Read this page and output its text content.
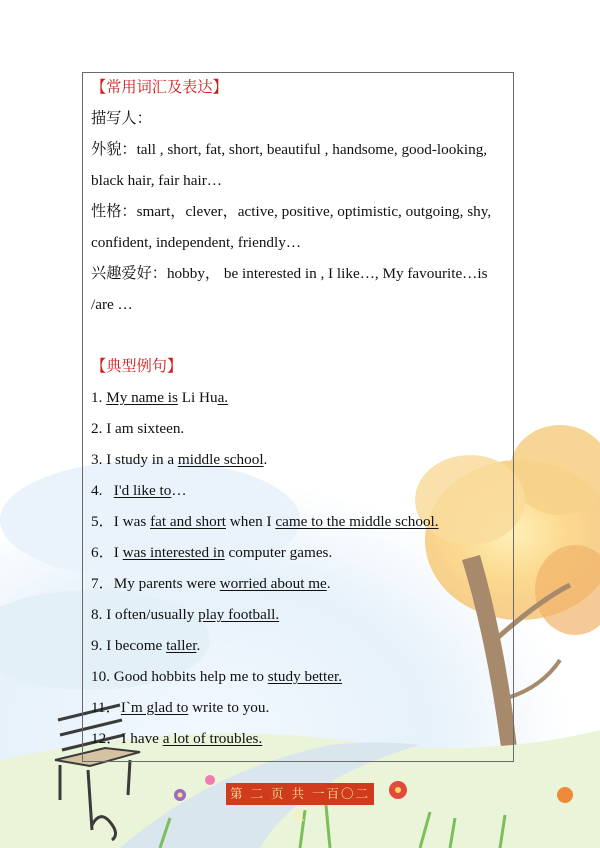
【常用词汇及表达】
描写人：
外貌：tall , short, fat, short, beautiful , handsome, good-looking,
black hair, fair hair…
性格：smart，clever，active, positive, optimistic, outgoing, shy,
confident, independent, friendly…
兴趣爱好：hobby， be interested in , I like…, My favourite…is
/are …
【典型例句】
1. My name is Li Hua.
2. I am sixteen.
3. I study in a middle school.
4.   I'd like to…
5．I was fat and short when I came to the middle school.
6．I was interested in computer games.
7．My parents were worried about me.
8. I often/usually play football.
9. I become taller.
10. Good hobbits help me to study better.
11．I`m glad to write to you.
12．I have a lot of troubles.
第 二 页 共 一百〇二 页
